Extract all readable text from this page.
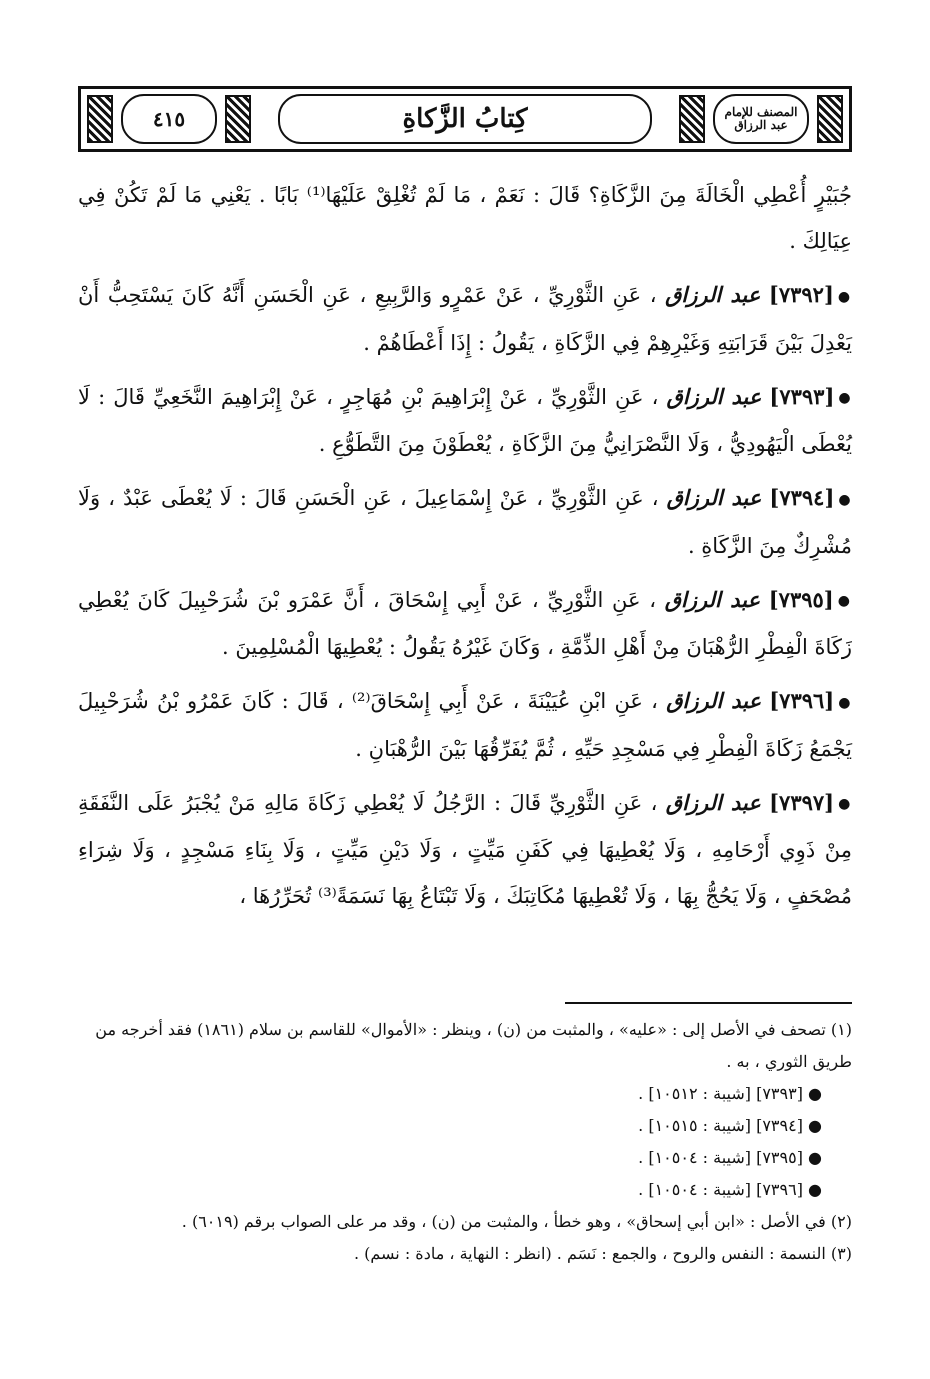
٤١٥	كِتابُ الزَّكاةِ	المصنف للإمام عبد الرزاق

جُبَيْرٍ أُعْطِي الْخَالَةَ مِنَ الزَّكَاةِ؟ قَالَ : نَعَمْ ، مَا لَمْ تُغْلِقْ عَلَيْهَا⁽¹⁾ بَابًا . يَعْنِي مَا لَمْ تَكُنْ فِي عِيَالِكَ .

●[٧٣٩٢] عبد الرزاق ، عَنِ الثَّوْرِيِّ ، عَنْ عَمْرٍو وَالرَّبِيعِ ، عَنِ الْحَسَنِ أَنَّهُ كَانَ يَسْتَحِبُّ أَنْ يَعْدِلَ بَيْنَ قَرَابَتِهِ وَغَيْرِهِمْ فِي الزَّكَاةِ ، يَقُولُ : إِذَا أَعْطَاهُمْ .

●[٧٣٩٣] عبد الرزاق ، عَنِ الثَّوْرِيِّ ، عَنْ إِبْرَاهِيمَ بْنِ مُهَاجِرٍ ، عَنْ إِبْرَاهِيمَ النَّخَعِيِّ قَالَ : لَا يُعْطَى الْيَهُودِيُّ ، وَلَا النَّصْرَانِيُّ مِنَ الزَّكَاةِ ، يُعْطَوْنَ مِنَ التَّطَوُّعِ .

●[٧٣٩٤] عبد الرزاق ، عَنِ الثَّوْرِيِّ ، عَنْ إِسْمَاعِيلَ ، عَنِ الْحَسَنِ قَالَ : لَا يُعْطَى عَبْدٌ ، وَلَا مُشْرِكٌ مِنَ الزَّكَاةِ .

●[٧٣٩٥] عبد الرزاق ، عَنِ الثَّوْرِيِّ ، عَنْ أَبِي إِسْحَاقَ ، أَنَّ عَمْرَو بْنَ شُرَحْبِيلَ كَانَ يُعْطِي زَكَاةَ الْفِطْرِ الرُّهْبَانَ مِنْ أَهْلِ الذِّمَّةِ ، وَكَانَ غَيْرُهُ يَقُولُ : يُعْطِيهَا الْمُسْلِمِينَ .

●[٧٣٩٦] عبد الرزاق ، عَنِ ابْنِ عُيَيْنَةَ ، عَنْ أَبِي إِسْحَاقَ⁽²⁾ ، قَالَ : كَانَ عَمْرُو بْنُ شُرَحْبِيلَ يَجْمَعُ زَكَاةَ الْفِطْرِ فِي مَسْجِدِ حَيِّهِ ، ثُمَّ يُفَرِّقُهَا بَيْنَ الرُّهْبَانِ .

●[٧٣٩٧] عبد الرزاق ، عَنِ الثَّوْرِيِّ قَالَ : الرَّجُلُ لَا يُعْطِي زَكَاةَ مَالِهِ مَنْ يُجْبَرُ عَلَى النَّفَقَةِ مِنْ ذَوِي أَرْحَامِهِ ، وَلَا يُعْطِيهَا فِي كَفَنِ مَيِّتٍ ، وَلَا دَيْنِ مَيِّتٍ ، وَلَا بِنَاءِ مَسْجِدٍ ، وَلَا شِرَاءِ مُصْحَفٍ ، وَلَا يَحُجُّ بِهَا ، وَلَا تُعْطِيهَا مُكَاتِبَكَ ، وَلَا تَبْتَاعُ بِهَا نَسَمَةً⁽³⁾ تُحَرِّرُهَا ،

(١) تصحف في الأصل إلى : «عليه» ، والمثبت من (ن) ، وينظر : «الأموال» للقاسم بن سلام (١٨٦١) فقد أخرجه من طريق الثوري ، به .

● [٧٣٩٣] [شيبة : ١٠٥١٢] .

● [٧٣٩٤] [شيبة : ١٠٥١٥] .

● [٧٣٩٥] [شيبة : ١٠٥٠٤] .

● [٧٣٩٦] [شيبة : ١٠٥٠٤] .

(٢) في الأصل : «ابن أبي إسحاق» ، وهو خطأ ، والمثبت من (ن) ، وقد مر على الصواب برقم (٦٠١٩) .

(٣) النسمة : النفس والروح ، والجمع : نَسَم . (انظر : النهاية ، مادة : نسم) .
